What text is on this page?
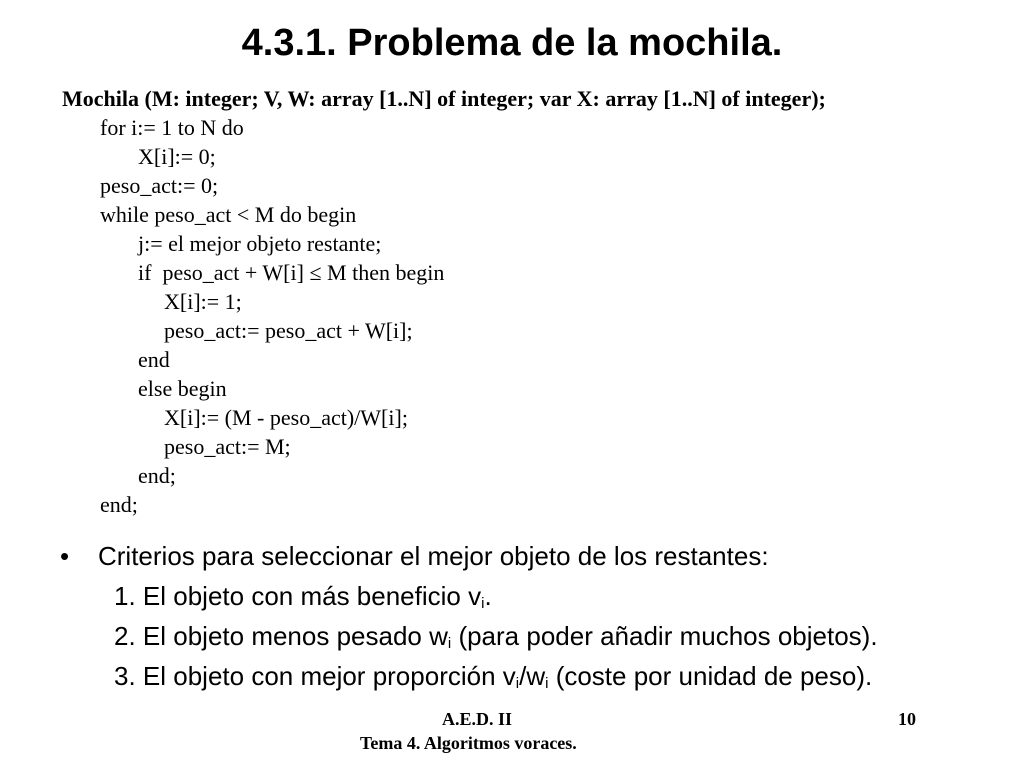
4.3.1. Problema de la mochila.
Mochila (M: integer; V, W: array [1..N] of integer; var X: array [1..N] of integer);
for i:= 1 to N do
X[i]:= 0;
peso_act:= 0;
while peso_act < M do begin
j:= el mejor objeto restante;
if  peso_act + W[i] ≤ M then begin
X[i]:= 1;
peso_act:= peso_act + W[i];
end
else begin
X[i]:= (M - peso_act)/W[i];
peso_act:= M;
end;
end;
• Criterios para seleccionar el mejor objeto de los restantes:
1. El objeto con más beneficio $v_i$.
2. El objeto menos pesado $w_i$ (para poder añadir muchos objetos).
3. El objeto con mejor proporción $v_i/w_i$ (coste por unidad de peso).
A.E.D. II
Tema 4. Algoritmos voraces.
10
